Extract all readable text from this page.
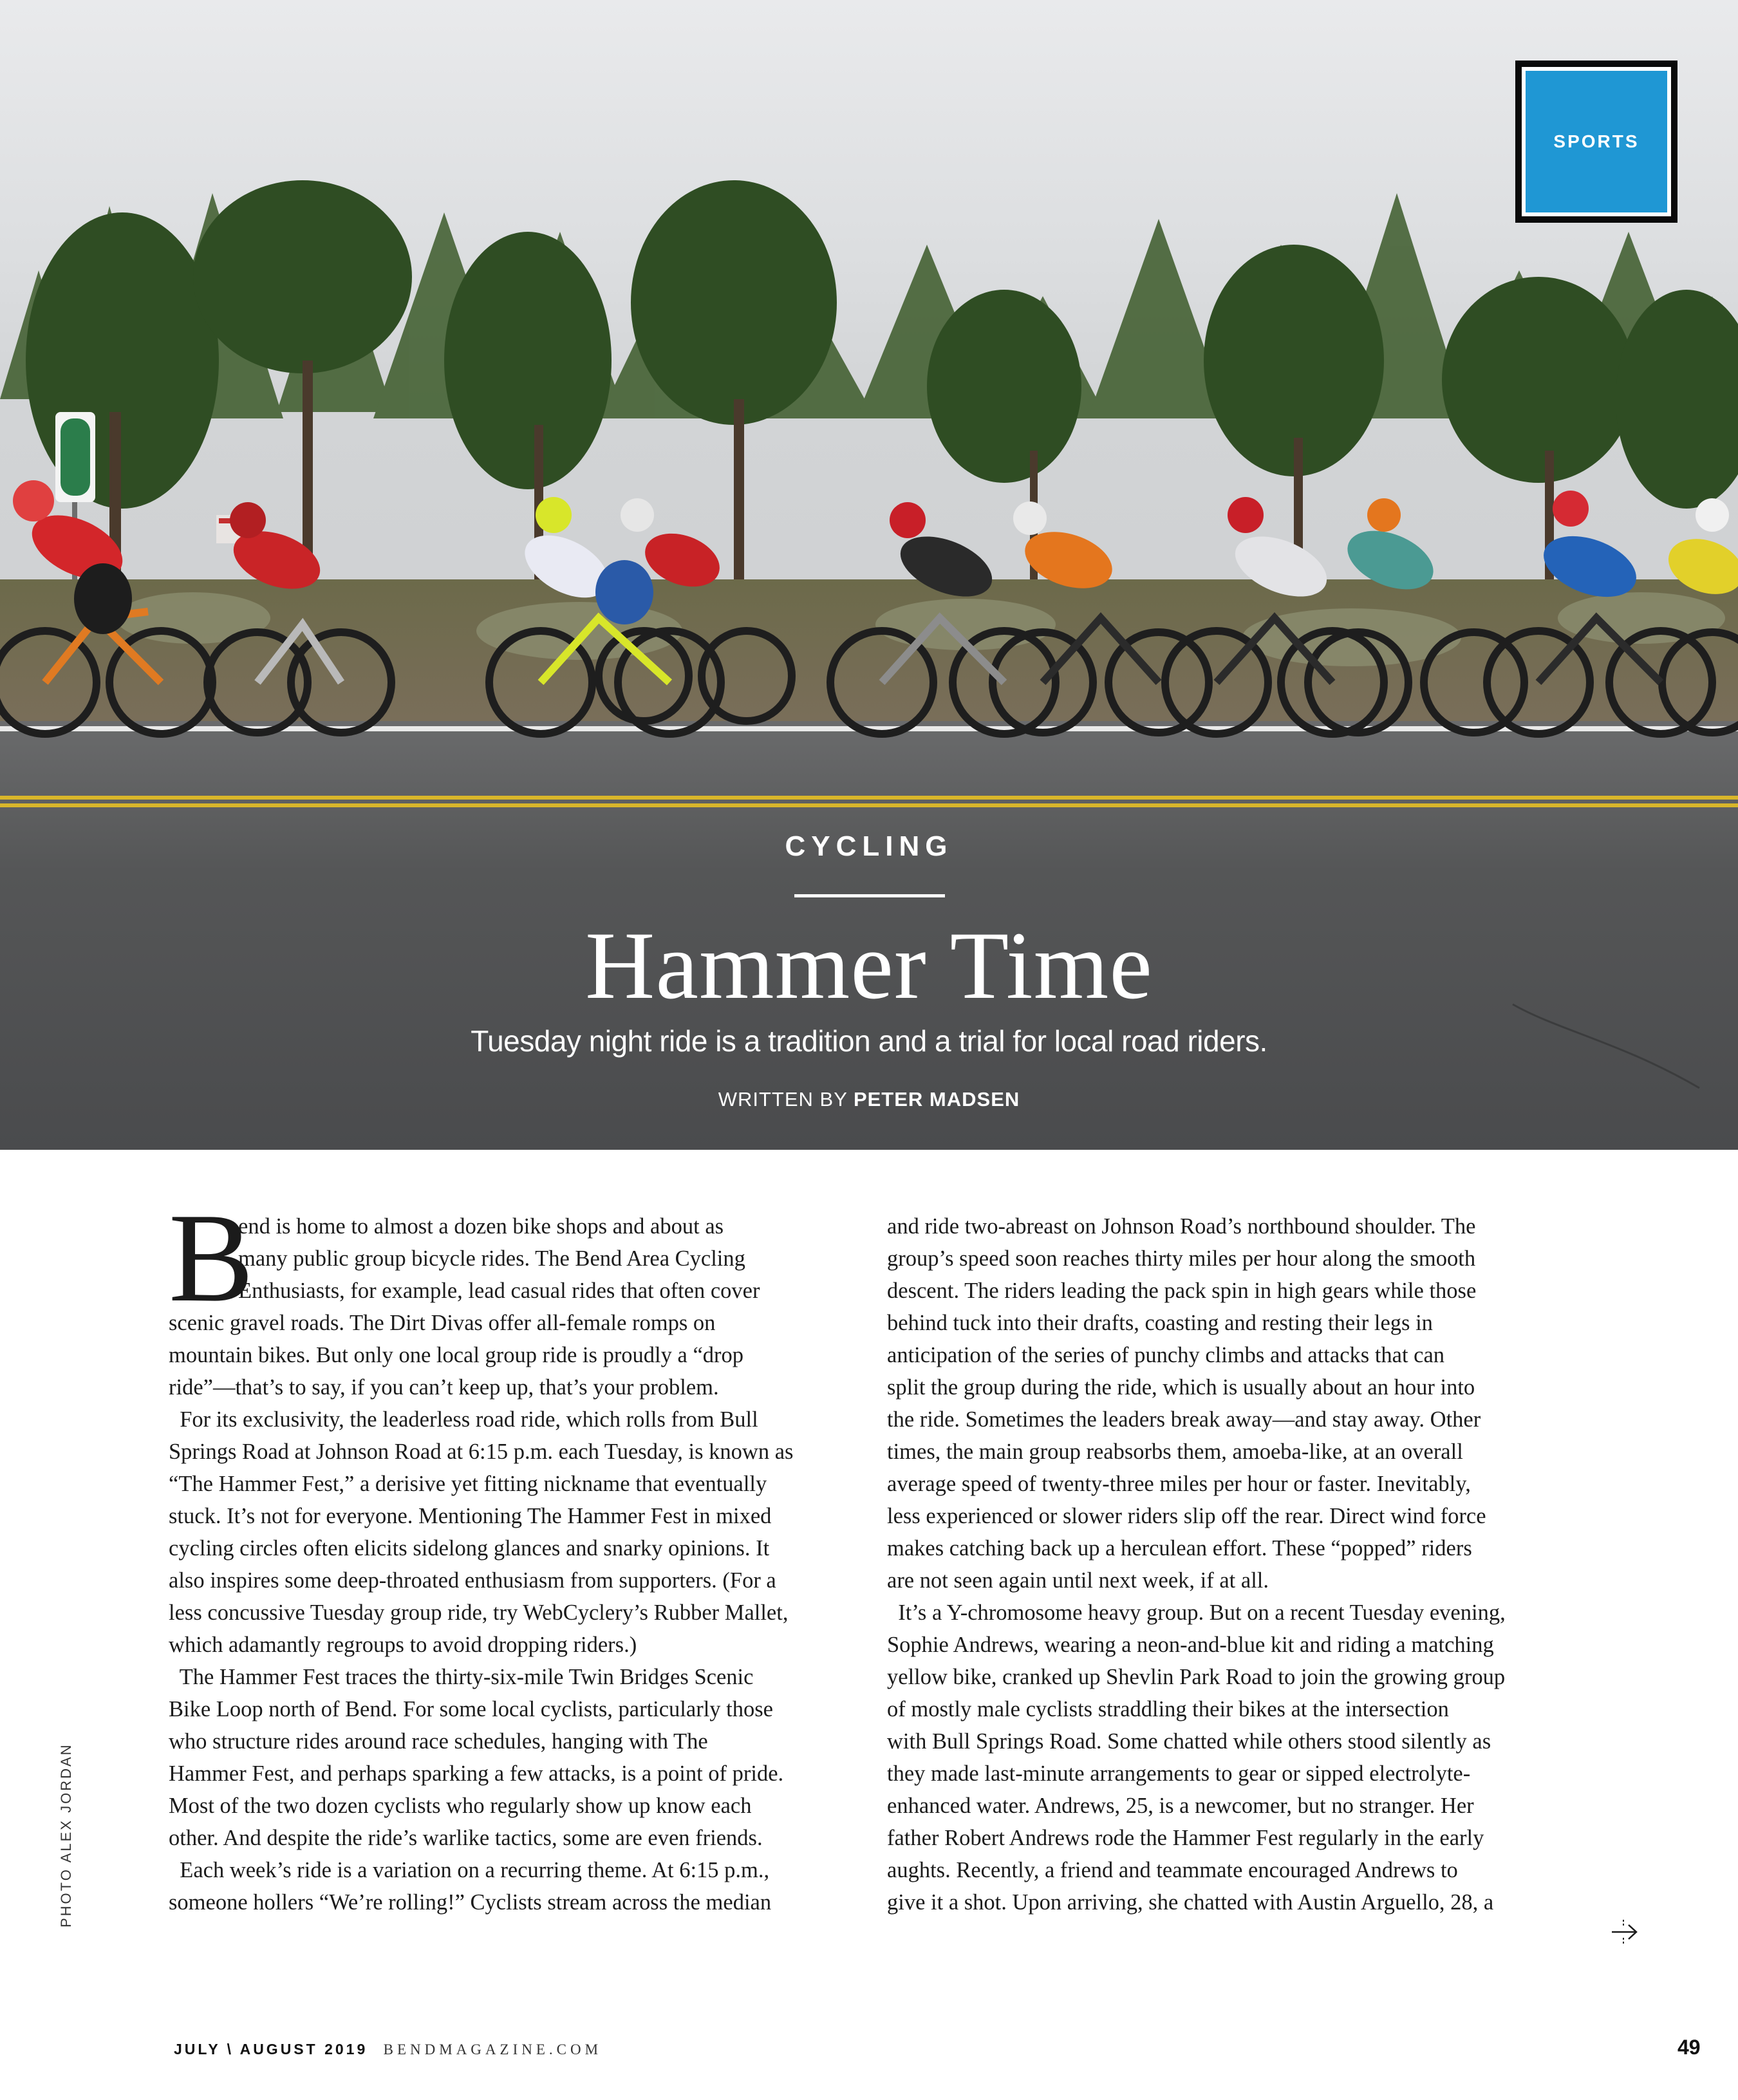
SPORTS
CYCLING
Hammer Time
Tuesday night ride is a tradition and a trial for local road riders.
WRITTEN BY PETER MADSEN
B
end is home to almost a dozen bike shops and about as
many public group bicycle rides. The Bend Area Cycling
Enthusiasts, for example, lead casual rides that often cover
scenic gravel roads. The Dirt Divas offer all-female romps on
mountain bikes. But only one local group ride is proudly a “drop
ride”—that’s to say, if you can’t keep up, that’s your problem.
For its exclusivity, the leaderless road ride, which rolls from Bull
Springs Road at Johnson Road at 6:15 p.m. each Tuesday, is known as
“The Hammer Fest,” a derisive yet fitting nickname that eventually
stuck. It’s not for everyone. Mentioning The Hammer Fest in mixed
cycling circles often elicits sidelong glances and snarky opinions. It
also inspires some deep-throated enthusiasm from supporters. (For a
less concussive Tuesday group ride, try WebCyclery’s Rubber Mallet,
which adamantly regroups to avoid dropping riders.)
The Hammer Fest traces the thirty-six-mile Twin Bridges Scenic
Bike Loop north of Bend. For some local cyclists, particularly those
who structure rides around race schedules, hanging with The
Hammer Fest, and perhaps sparking a few attacks, is a point of pride.
Most of the two dozen cyclists who regularly show up know each
other. And despite the ride’s warlike tactics, some are even friends.
Each week’s ride is a variation on a recurring theme. At 6:15 p.m.,
someone hollers “We’re rolling!” Cyclists stream across the median
and ride two-abreast on Johnson Road’s northbound shoulder. The
group’s speed soon reaches thirty miles per hour along the smooth
descent. The riders leading the pack spin in high gears while those
behind tuck into their drafts, coasting and resting their legs in
anticipation of the series of punchy climbs and attacks that can
split the group during the ride, which is usually about an hour into
the ride. Sometimes the leaders break away—and stay away. Other
times, the main group reabsorbs them, amoeba-like, at an overall
average speed of twenty-three miles per hour or faster. Inevitably,
less experienced or slower riders slip off the rear. Direct wind force
makes catching back up a herculean effort. These “popped” riders
are not seen again until next week, if at all.
It’s a Y-chromosome heavy group. But on a recent Tuesday evening,
Sophie Andrews, wearing a neon-and-blue kit and riding a matching
yellow bike, cranked up Shevlin Park Road to join the growing group
of mostly male cyclists straddling their bikes at the intersection
with Bull Springs Road. Some chatted while others stood silently as
they made last-minute arrangements to gear or sipped electrolyte-
enhanced water. Andrews, 25, is a newcomer, but no stranger. Her
father Robert Andrews rode the Hammer Fest regularly in the early
aughts. Recently, a friend and teammate encouraged Andrews to
give it a shot. Upon arriving, she chatted with Austin Arguello, 28, a
PHOTO ALEX JORDAN
JULY \ AUGUST 2019 BENDMAGAZINE.COM	49
